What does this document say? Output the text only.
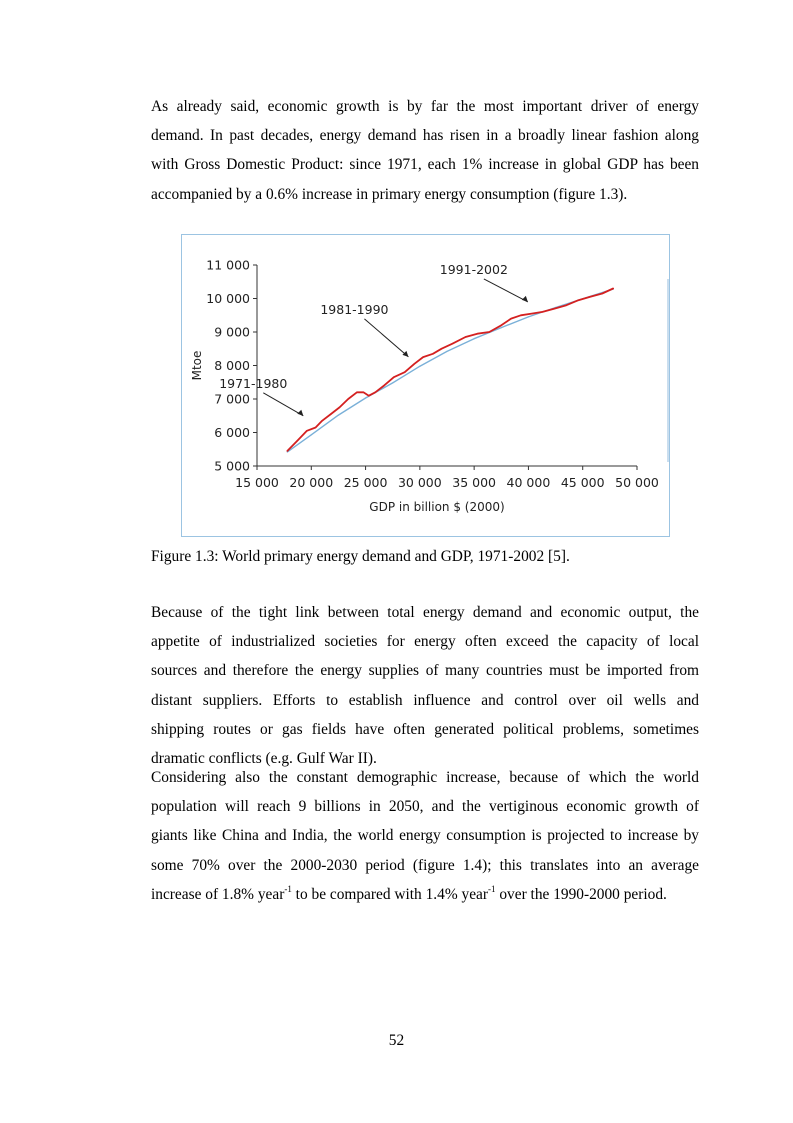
As already said, economic growth is by far the most important driver of energy
demand. In past decades, energy demand has risen in a broadly linear fashion along
with Gross Domestic Product: since 1971, each 1% increase in global GDP has been
accompanied by a 0.6% increase in primary energy consumption (figure 1.3).

5 000
6 000
7 000
8 000
9 000
10 000
11 000
15 000 20 000 25 000 30 000 35 000 40 000 45 000 50 000
GDP in billion $ (2000)
Mtoe
1971-1980
1981-1990
1991-2002

Figure 1.3: World primary energy demand and GDP, 1971-2002 [5].

Because of the tight link between total energy demand and economic output, the
appetite of industrialized societies for energy often exceed the capacity of local
sources and therefore the energy supplies of many countries must be imported from
distant suppliers. Efforts to establish influence and control over oil wells and
shipping routes or gas fields have often generated political problems, sometimes
dramatic conflicts (e.g. Gulf War II).

Considering also the constant demographic increase, because of which the world
population will reach 9 billions in 2050, and the vertiginous economic growth of
giants like China and India, the world energy consumption is projected to increase by
some 70% over the 2000-2030 period (figure 1.4); this translates into an average
increase of 1.8% year$^{-1}$ to be compared with 1.4% year$^{-1}$ over the 1990-2000 period.

52
